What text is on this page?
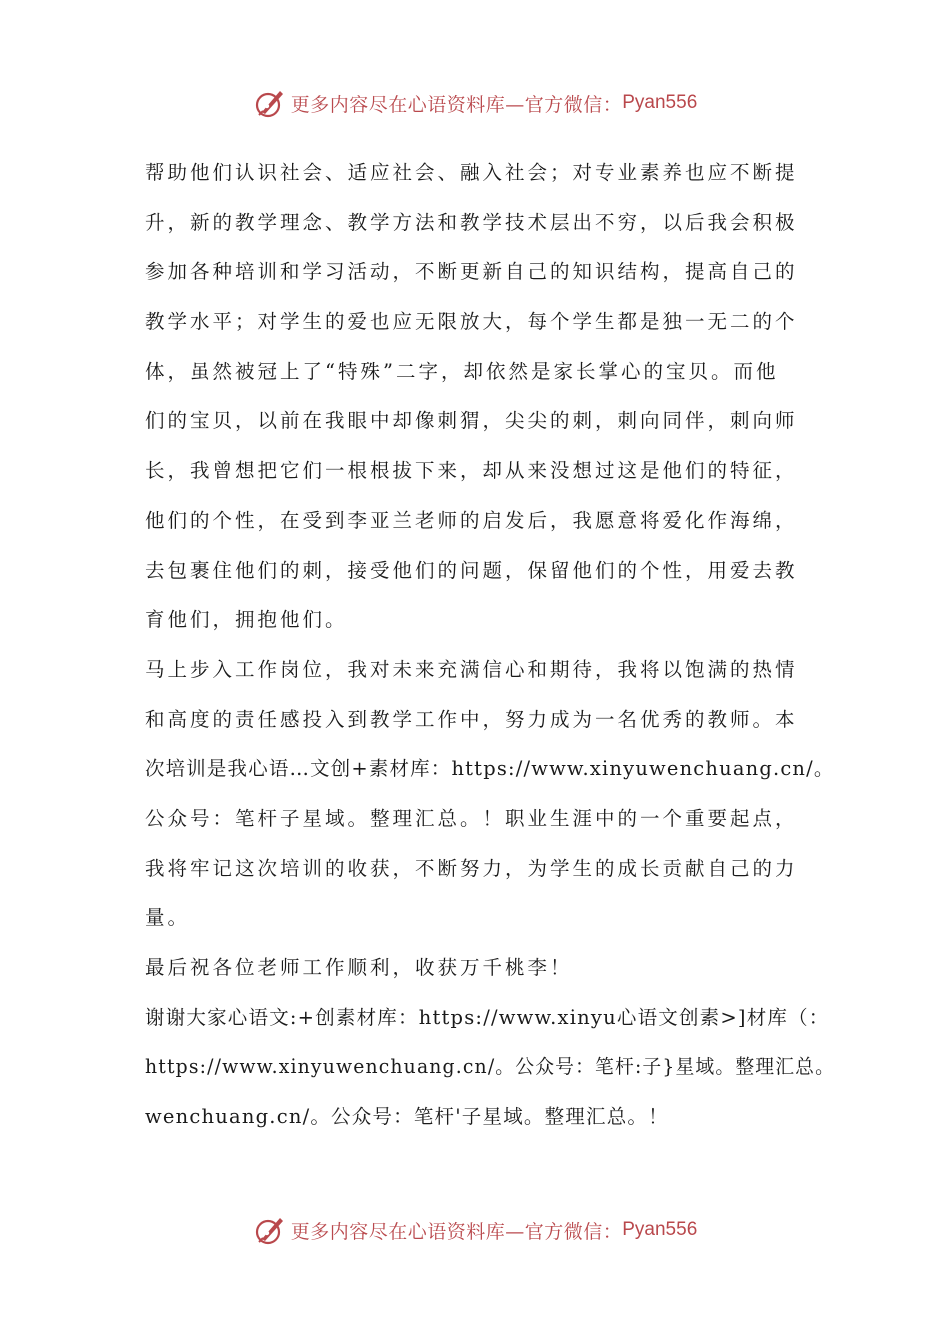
更多内容尽在心语资料库—官方微信： Pyan556
帮助他们认识社会、适应社会、融入社会；对专业素养也应不断提
升，新的教学理念、教学方法和教学技术层出不穷，以后我会积极
参加各种培训和学习活动，不断更新自己的知识结构，提高自己的
教学水平；对学生的爱也应无限放大，每个学生都是独一无二的个
体，虽然被冠上了“特殊”二字，却依然是家长掌心的宝贝。而他
们的宝贝，以前在我眼中却像刺猬，尖尖的刺，刺向同伴，刺向师
长，我曾想把它们一根根拔下来，却从来没想过这是他们的特征，
他们的个性，在受到李亚兰老师的启发后，我愿意将爱化作海绵，
去包裹住他们的刺，接受他们的问题，保留他们的个性，用爱去教
育他们，拥抱他们。
马上步入工作岗位，我对未来充满信心和期待，我将以饱满的热情
和高度的责任感投入到教学工作中，努力成为一名优秀的教师。本
次培训是我心语…文创+素材库：https://www.xinyuwenchuang.cn/。
公众号：笔杆子星域。整理汇总。！职业生涯中的一个重要起点，
我将牢记这次培训的收获，不断努力，为学生的成长贡献自己的力
量。
最后祝各位老师工作顺利，收获万千桃李！
谢谢大家心语文:+创素材库：https://www.xinyu心语文创素>]材库（：
https://www.xinyuwenchuang.cn/。公众号：笔杆:子}星域。整理汇总。
wenchuang.cn/。公众号：笔杆'子星域。整理汇总。！
更多内容尽在心语资料库—官方微信： Pyan556
